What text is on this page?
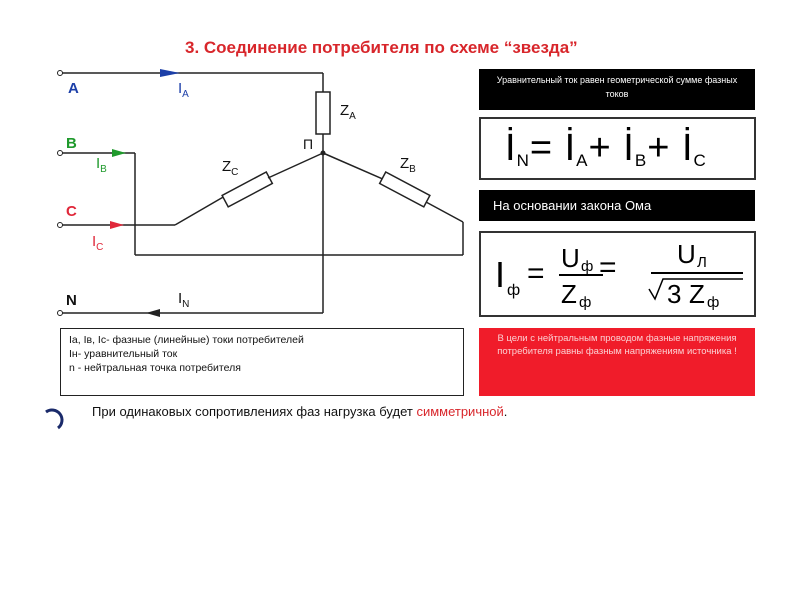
3. Соединение потребителя по схеме “звезда”
A
B
C
N
$I_A$
$I_B$
$I_C$
$I_N$
$Z_A$
$Z_B$
$Z_C$
П
Уравнительный ток равен геометрической сумме фазных токов
$İ_N=$ $İ_A+$ $İ_B+$ $İ_C$
На основании закона Ома
I ф
= U ф
Z ф
= U Л
3 Z ф
В цели с нейтральным проводом фазные напряжения потребителя равны фазным напряжениям источника !
Iа, Iв, Iс- фазные (линейные) токи потребителей
Iн- уравнительный ток
n - нейтральная точка потребителя
При одинаковых сопротивлениях фаз нагрузка будет симметричной.
